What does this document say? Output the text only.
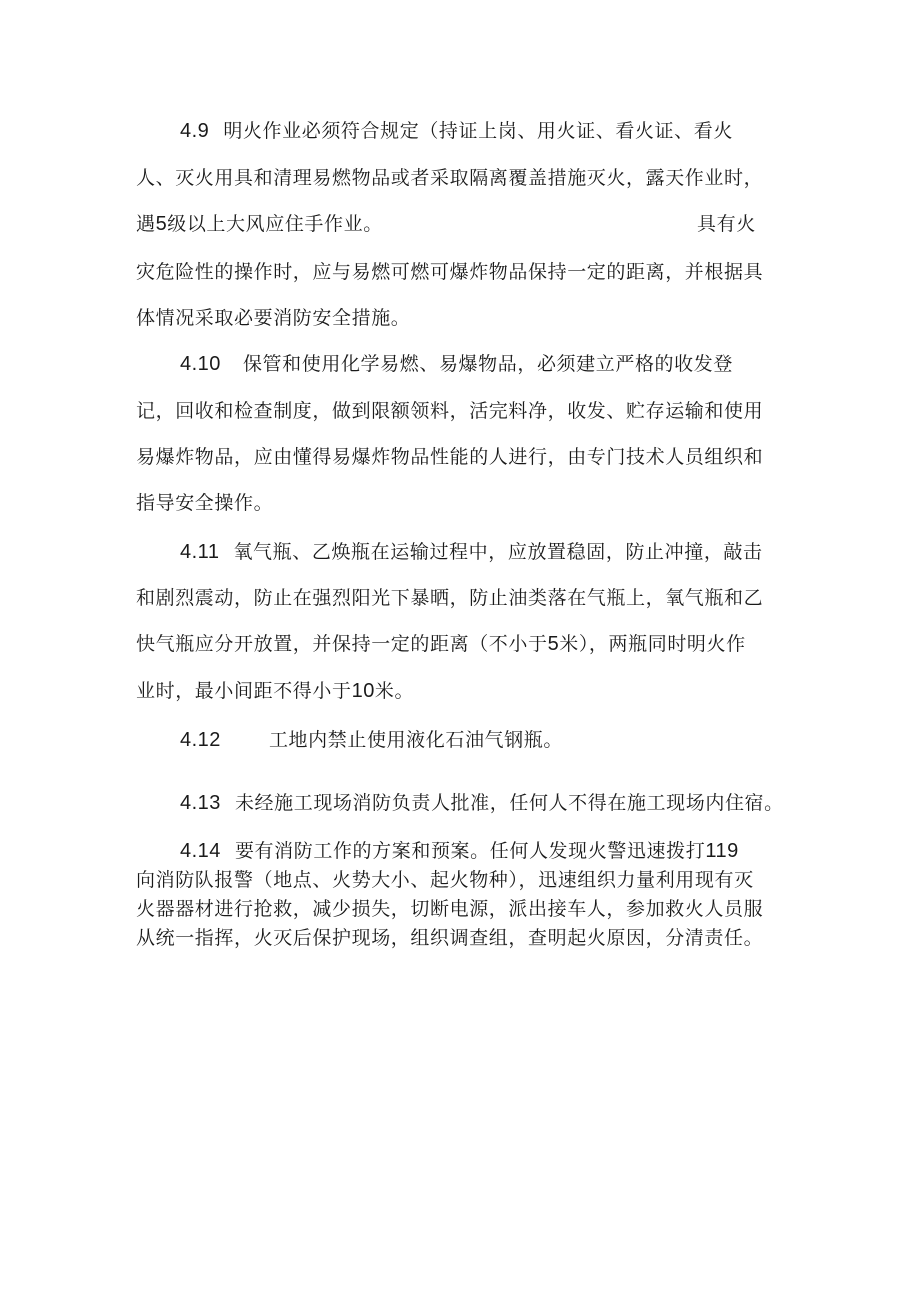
4.9 明火作业必须符合规定（持证上岗、用火证、看火证、看火
人、灭火用具和清理易燃物品或者采取隔离覆盖措施灭火，露天作业时，
遇5级以上大风应住手作业。	具有火
灾危险性的操作时，应与易燃可燃可爆炸物品保持一定的距离，并根据具
体情况采取必要消防安全措施。
4.10 保管和使用化学易燃、易爆物品，必须建立严格的收发登
记，回收和检查制度，做到限额领料，活完料净，收发、贮存运输和使用
易爆炸物品，应由懂得易爆炸物品性能的人进行，由专门技术人员组织和
指导安全操作。
4.11 氧气瓶、乙焕瓶在运输过程中，应放置稳固，防止冲撞，敲击
和剧烈震动，防止在强烈阳光下暴晒，防止油类落在气瓶上，氧气瓶和乙
快气瓶应分开放置，并保持一定的距离（不小于5米），两瓶同时明火作
业时，最小间距不得小于10米。
4.12	工地内禁止使用液化石油气钢瓶。
4.13 未经施工现场消防负责人批准，任何人不得在施工现场内住宿。
4.14 要有消防工作的方案和预案。任何人发现火警迅速拨打119
向消防队报警（地点、火势大小、起火物种），迅速组织力量利用现有灭
火器器材进行抢救，减少损失，切断电源，派出接车人，参加救火人员服
从统一指挥，火灭后保护现场，组织调查组，查明起火原因，分清责任。
